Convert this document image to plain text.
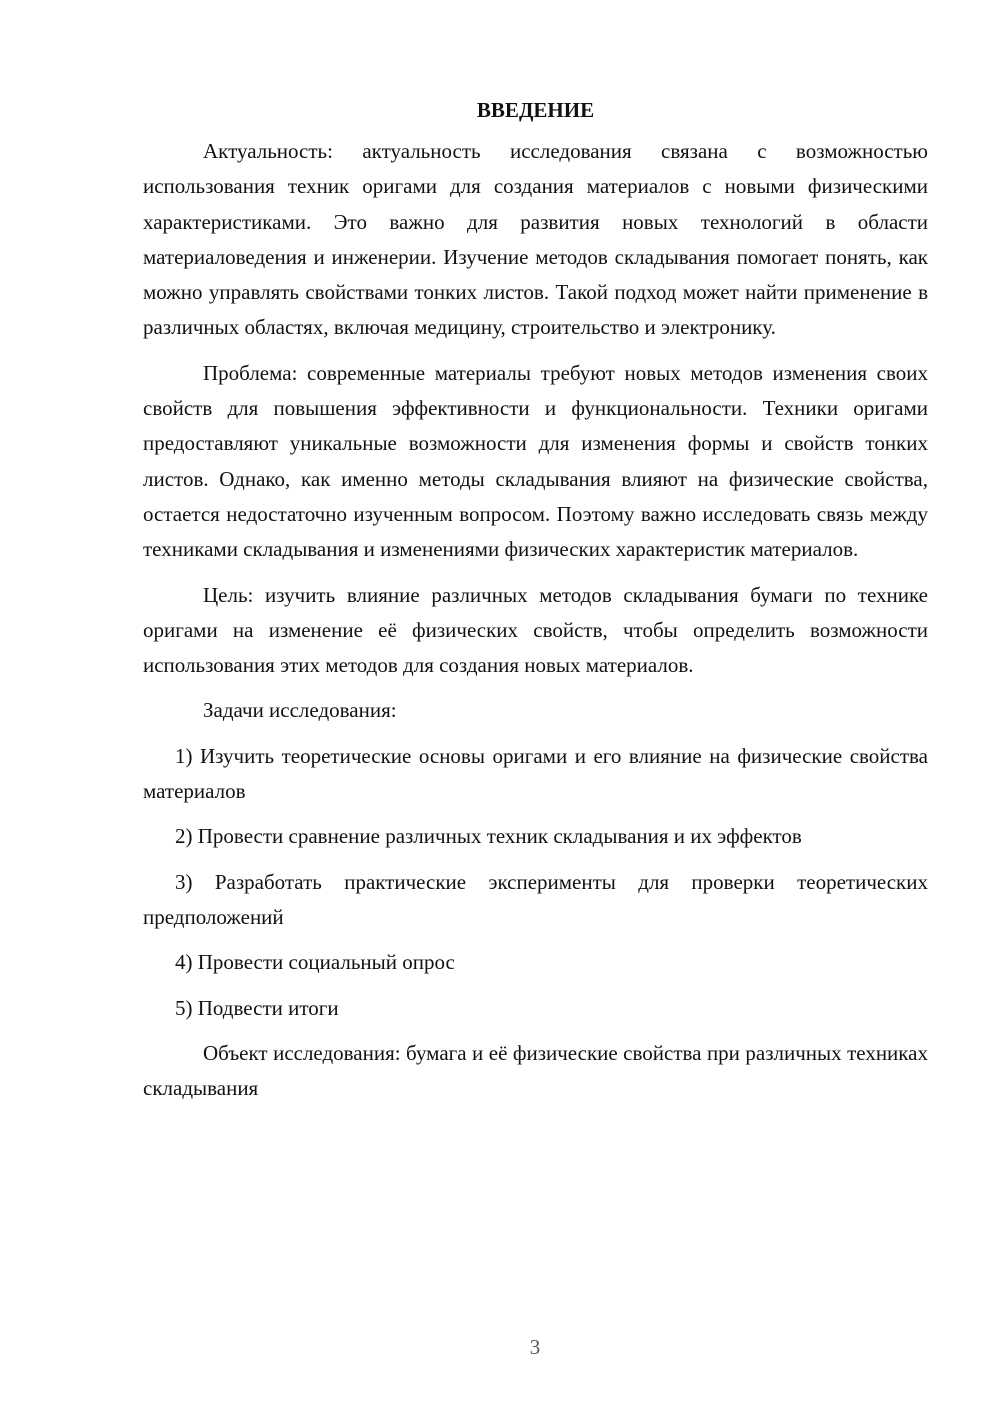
ВВЕДЕНИЕ

Актуальность: актуальность исследования связана с возможностью использования техник оригами для создания материалов с новыми физическими характеристиками. Это важно для развития новых технологий в области материаловедения и инженерии. Изучение методов складывания помогает понять, как можно управлять свойствами тонких листов. Такой подход может найти применение в различных областях, включая медицину, строительство и электронику.

Проблема: современные материалы требуют новых методов изменения своих свойств для повышения эффективности и функциональности. Техники оригами предоставляют уникальные возможности для изменения формы и свойств тонких листов. Однако, как именно методы складывания влияют на физические свойства, остается недостаточно изученным вопросом. Поэтому важно исследовать связь между техниками складывания и изменениями физических характеристик материалов.

Цель: изучить влияние различных методов складывания бумаги по технике оригами на изменение её физических свойств, чтобы определить возможности использования этих методов для создания новых материалов.

Задачи исследования:

1) Изучить теоретические основы оригами и его влияние на физические свойства материалов

2) Провести сравнение различных техник складывания и их эффектов

3) Разработать практические эксперименты для проверки теоретических предположений

4) Провести социальный опрос

5) Подвести итоги

Объект исследования: бумага и её физические свойства при различных техниках складывания

3
